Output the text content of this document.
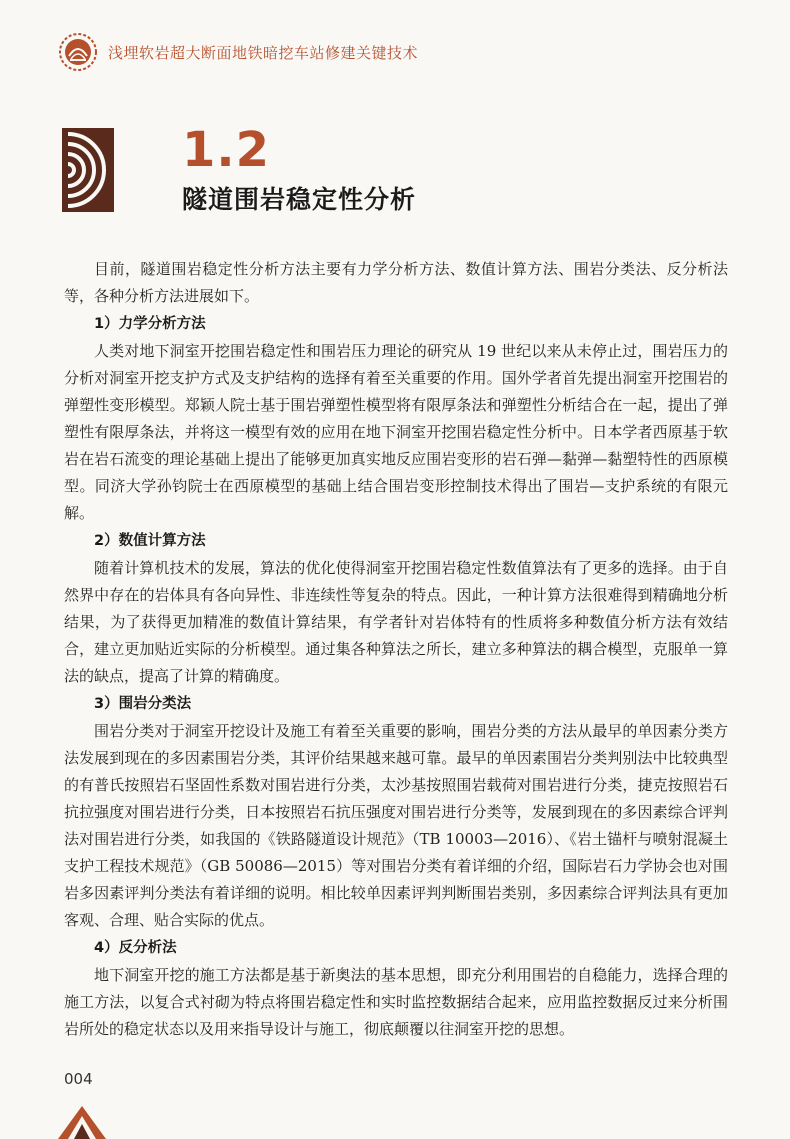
浅埋软岩超大断面地铁暗挖车站修建关键技术
1.2
隧道围岩稳定性分析

目前，隧道围岩稳定性分析方法主要有力学分析方法、数值计算方法、围岩分类法、反分析法等，各种分析方法进展如下。

1）力学分析方法

人类对地下洞室开挖围岩稳定性和围岩压力理论的研究从 19 世纪以来从未停止过，围岩压力的分析对洞室开挖支护方式及支护结构的选择有着至关重要的作用。国外学者首先提出洞室开挖围岩的弹塑性变形模型。郑颖人院士基于围岩弹塑性模型将有限厚条法和弹塑性分析结合在一起，提出了弹塑性有限厚条法，并将这一模型有效的应用在地下洞室开挖围岩稳定性分析中。日本学者西原基于软岩在岩石流变的理论基础上提出了能够更加真实地反应围岩变形的岩石弹—黏弹—黏塑特性的西原模型。同济大学孙钧院士在西原模型的基础上结合围岩变形控制技术得出了围岩—支护系统的有限元解。

2）数值计算方法

随着计算机技术的发展，算法的优化使得洞室开挖围岩稳定性数值算法有了更多的选择。由于自然界中存在的岩体具有各向异性、非连续性等复杂的特点。因此，一种计算方法很难得到精确地分析结果，为了获得更加精准的数值计算结果，有学者针对岩体特有的性质将多种数值分析方法有效结合，建立更加贴近实际的分析模型。通过集各种算法之所长，建立多种算法的耦合模型，克服单一算法的缺点，提高了计算的精确度。

3）围岩分类法

围岩分类对于洞室开挖设计及施工有着至关重要的影响，围岩分类的方法从最早的单因素分类方法发展到现在的多因素围岩分类，其评价结果越来越可靠。最早的单因素围岩分类判别法中比较典型的有普氏按照岩石坚固性系数对围岩进行分类，太沙基按照围岩载荷对围岩进行分类，捷克按照岩石抗拉强度对围岩进行分类，日本按照岩石抗压强度对围岩进行分类等，发展到现在的多因素综合评判法对围岩进行分类，如我国的《铁路隧道设计规范》（TB 10003—2016）、《岩土锚杆与喷射混凝土支护工程技术规范》（GB 50086—2015）等对围岩分类有着详细的介绍，国际岩石力学协会也对围岩多因素评判分类法有着详细的说明。相比较单因素评判判断围岩类别，多因素综合评判法具有更加客观、合理、贴合实际的优点。

4）反分析法

地下洞室开挖的施工方法都是基于新奥法的基本思想，即充分利用围岩的自稳能力，选择合理的施工方法，以复合式衬砌为特点将围岩稳定性和实时监控数据结合起来，应用监控数据反过来分析围岩所处的稳定状态以及用来指导设计与施工，彻底颠覆以往洞室开挖的思想。

004
